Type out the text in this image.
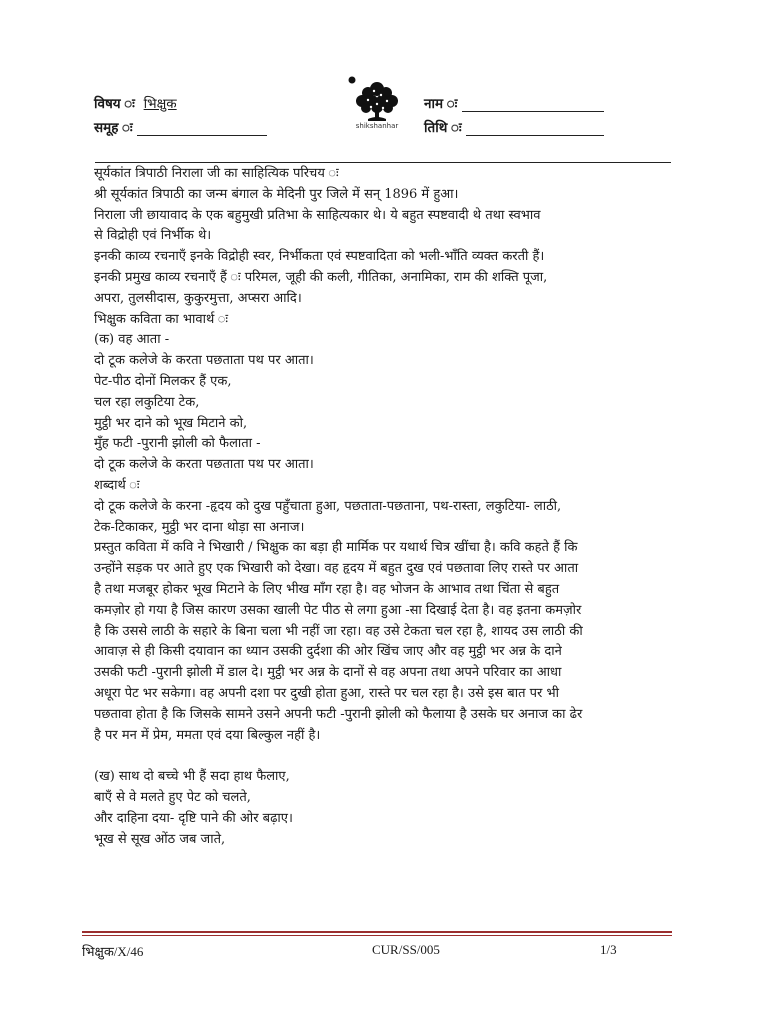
विषय ः भिक्षुक
समूह ः
नाम ः
तिथि ः
shikshanhar
सूर्यकांत त्रिपाठी निराला जी का साहित्यिक परिचय ः
श्री सूर्यकांत त्रिपाठी का जन्म बंगाल के मेदिनी पुर जिले में सन् 1896 में हुआ।
निराला जी छायावाद के एक बहुमुखी प्रतिभा के साहित्यकार थे। ये बहुत स्पष्टवादी थे तथा स्वभाव
से विद्रोही एवं निर्भीक थे।
इनकी काव्य रचनाएँ इनके विद्रोही स्वर, निर्भीकता एवं स्पष्टवादिता को भली-भाँति व्यक्त करती हैं।
इनकी प्रमुख काव्य रचनाएँ हैं ः परिमल, जूही की कली, गीतिका, अनामिका, राम की शक्ति पूजा,
अपरा, तुलसीदास, कुकुरमुत्ता, अप्सरा आदि।
भिक्षुक कविता का भावार्थ ः
(क) वह आता -
दो टूक कलेजे के करता पछताता पथ पर आता।
पेट-पीठ दोनों मिलकर हैं एक,
चल रहा लकुटिया टेक,
मुट्ठी भर दाने को भूख मिटाने को,
मुँह फटी -पुरानी झोली को फैलाता -
दो टूक कलेजे के करता पछताता पथ पर आता।
शब्दार्थ ः
दो टूक कलेजे के करना -हृदय को दुख पहुँचाता हुआ, पछताता-पछताना, पथ-रास्ता, लकुटिया- लाठी,
टेक-टिकाकर, मुट्ठी भर दाना थोड़ा सा अनाज।
प्रस्तुत कविता में कवि ने भिखारी / भिक्षुक का बड़ा ही मार्मिक पर यथार्थ चित्र खींचा है। कवि कहते हैं कि
उन्होंने सड़क पर आते हुए एक भिखारी को देखा। वह हृदय में बहुत दुख एवं पछतावा लिए रास्ते पर आता
है तथा मजबूर होकर भूख मिटाने के लिए भीख माँग रहा है। वह भोजन के आभाव तथा चिंता से बहुत
कमज़ोर हो गया है जिस कारण उसका खाली पेट पीठ से लगा हुआ -सा दिखाई देता है। वह इतना कमज़ोर
है कि उससे लाठी के सहारे के बिना चला भी नहीं जा रहा। वह उसे टेकता चल रहा है, शायद उस लाठी की
आवाज़ से ही किसी दयावान का ध्यान उसकी दुर्दशा की ओर खिंच जाए और वह मुट्ठी भर अन्न के दाने
उसकी फटी -पुरानी झोली में डाल दे। मुट्ठी भर अन्न के दानों से वह अपना तथा अपने परिवार का आधा
अधूरा पेट भर सकेगा। वह अपनी दशा पर दुखी होता हुआ, रास्ते पर चल रहा है। उसे इस बात पर भी
पछतावा होता है कि जिसके सामने उसने अपनी फटी -पुरानी झोली को फैलाया है उसके घर अनाज का ढेर
है पर मन में प्रेम, ममता एवं दया बिल्कुल नहीं है।
(ख) साथ दो बच्चे भी हैं सदा हाथ फैलाए,
बाएँ से वे मलते हुए पेट को चलते,
और दाहिना दया- दृष्टि पाने की ओर बढ़ाए।
भूख से सूख ओंठ जब जाते,
भिक्षुक/X/46	CUR/SS/005	1/3
